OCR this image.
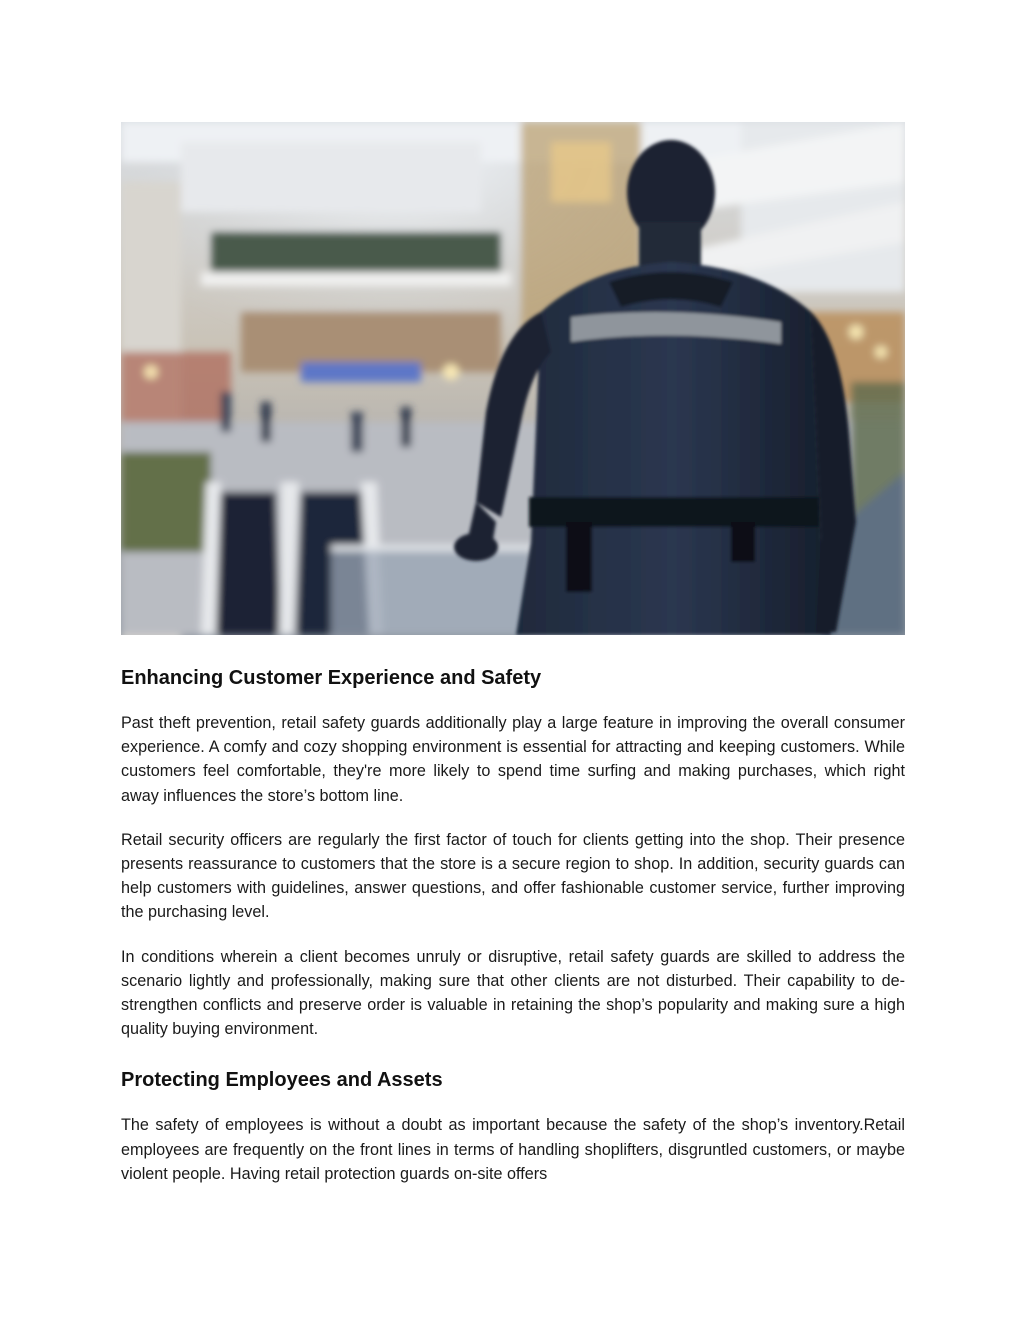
Enhancing Customer Experience and Safety

Past theft prevention, retail safety guards additionally play a large feature in improving the overall consumer experience. A comfy and cozy shopping environment is essential for attracting and keeping customers. While customers feel comfortable, they're more likely to spend time surfing and making purchases, which right away influences the store’s bottom line.

Retail security officers are regularly the first factor of touch for clients getting into the shop. Their presence presents reassurance to customers that the store is a secure region to shop. In addition, security guards can help customers with guidelines, answer questions, and offer fashionable customer service, further improving the purchasing level.

In conditions wherein a client becomes unruly or disruptive, retail safety guards are skilled to address the scenario lightly and professionally, making sure that other clients are not disturbed. Their capability to de-strengthen conflicts and preserve order is valuable in retaining the shop’s popularity and making sure a high quality buying environment.

Protecting Employees and Assets

The safety of employees is without a doubt as important because the safety of the shop’s inventory.Retail employees are frequently on the front lines in terms of handling shoplifters, disgruntled customers, or maybe violent people. Having retail protection guards on-site offers
